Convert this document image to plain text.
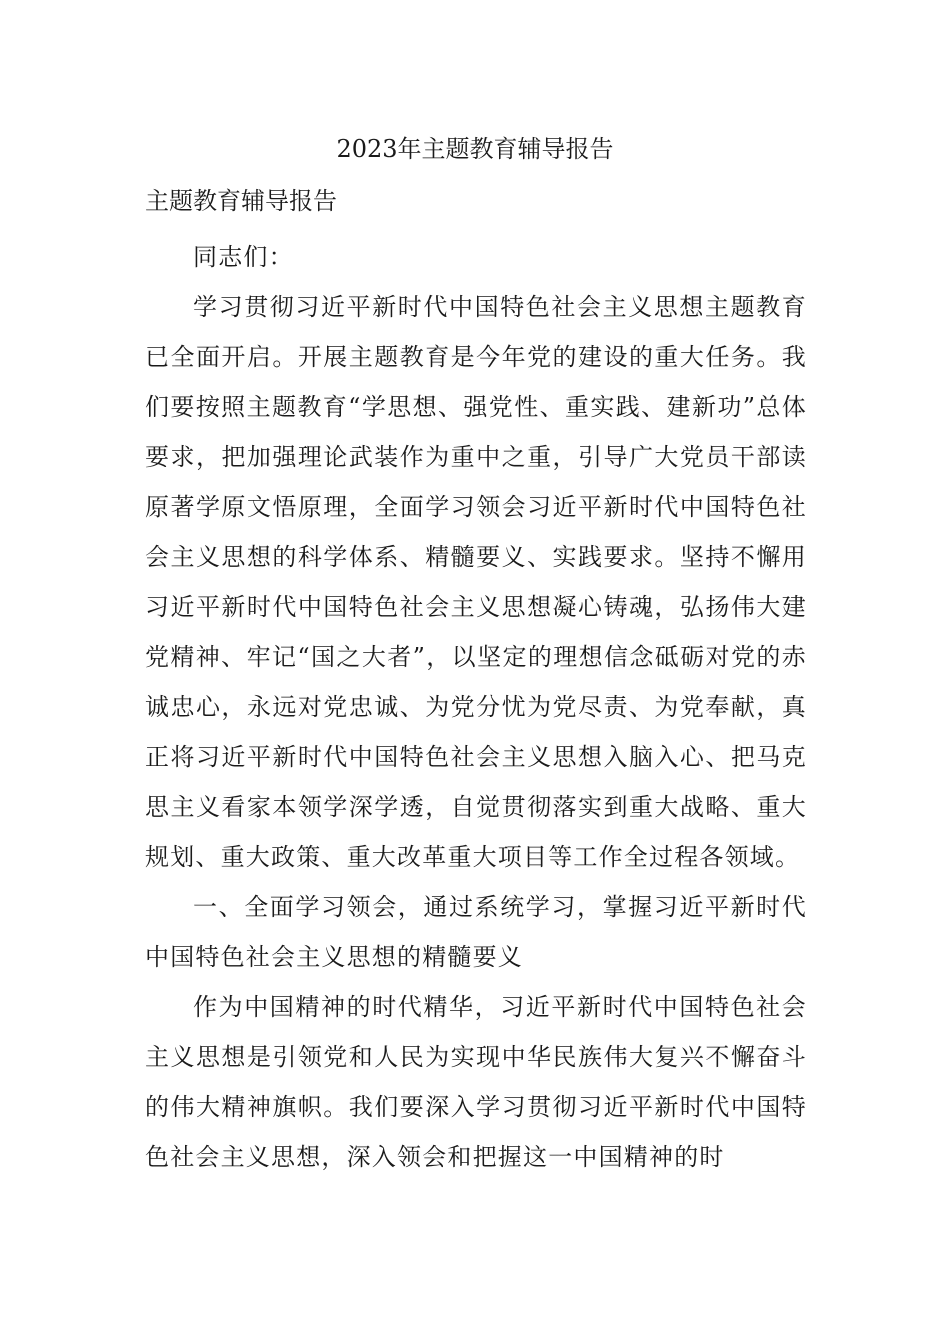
2023年主题教育辅导报告
主题教育辅导报告

同志们：

学习贯彻习近平新时代中国特色社会主义思想主题教育已全面开启。开展主题教育是今年党的建设的重大任务。我们要按照主题教育“学思想、强党性、重实践、建新功”总体要求，把加强理论武装作为重中之重，引导广大党员干部读原著学原文悟原理，全面学习领会习近平新时代中国特色社会主义思想的科学体系、精髓要义、实践要求。坚持不懈用习近平新时代中国特色社会主义思想凝心铸魂，弘扬伟大建党精神、牢记“国之大者”，以坚定的理想信念砥砺对党的赤诚忠心，永远对党忠诚、为党分忧为党尽责、为党奉献，真正将习近平新时代中国特色社会主义思想入脑入心、把马克思主义看家本领学深学透，自觉贯彻落实到重大战略、重大规划、重大政策、重大改革重大项目等工作全过程各领域。

一、全面学习领会，通过系统学习，掌握习近平新时代中国特色社会主义思想的精髓要义

作为中国精神的时代精华，习近平新时代中国特色社会主义思想是引领党和人民为实现中华民族伟大复兴不懈奋斗的伟大精神旗帜。我们要深入学习贯彻习近平新时代中国特色社会主义思想，深入领会和把握这一中国精神的时
